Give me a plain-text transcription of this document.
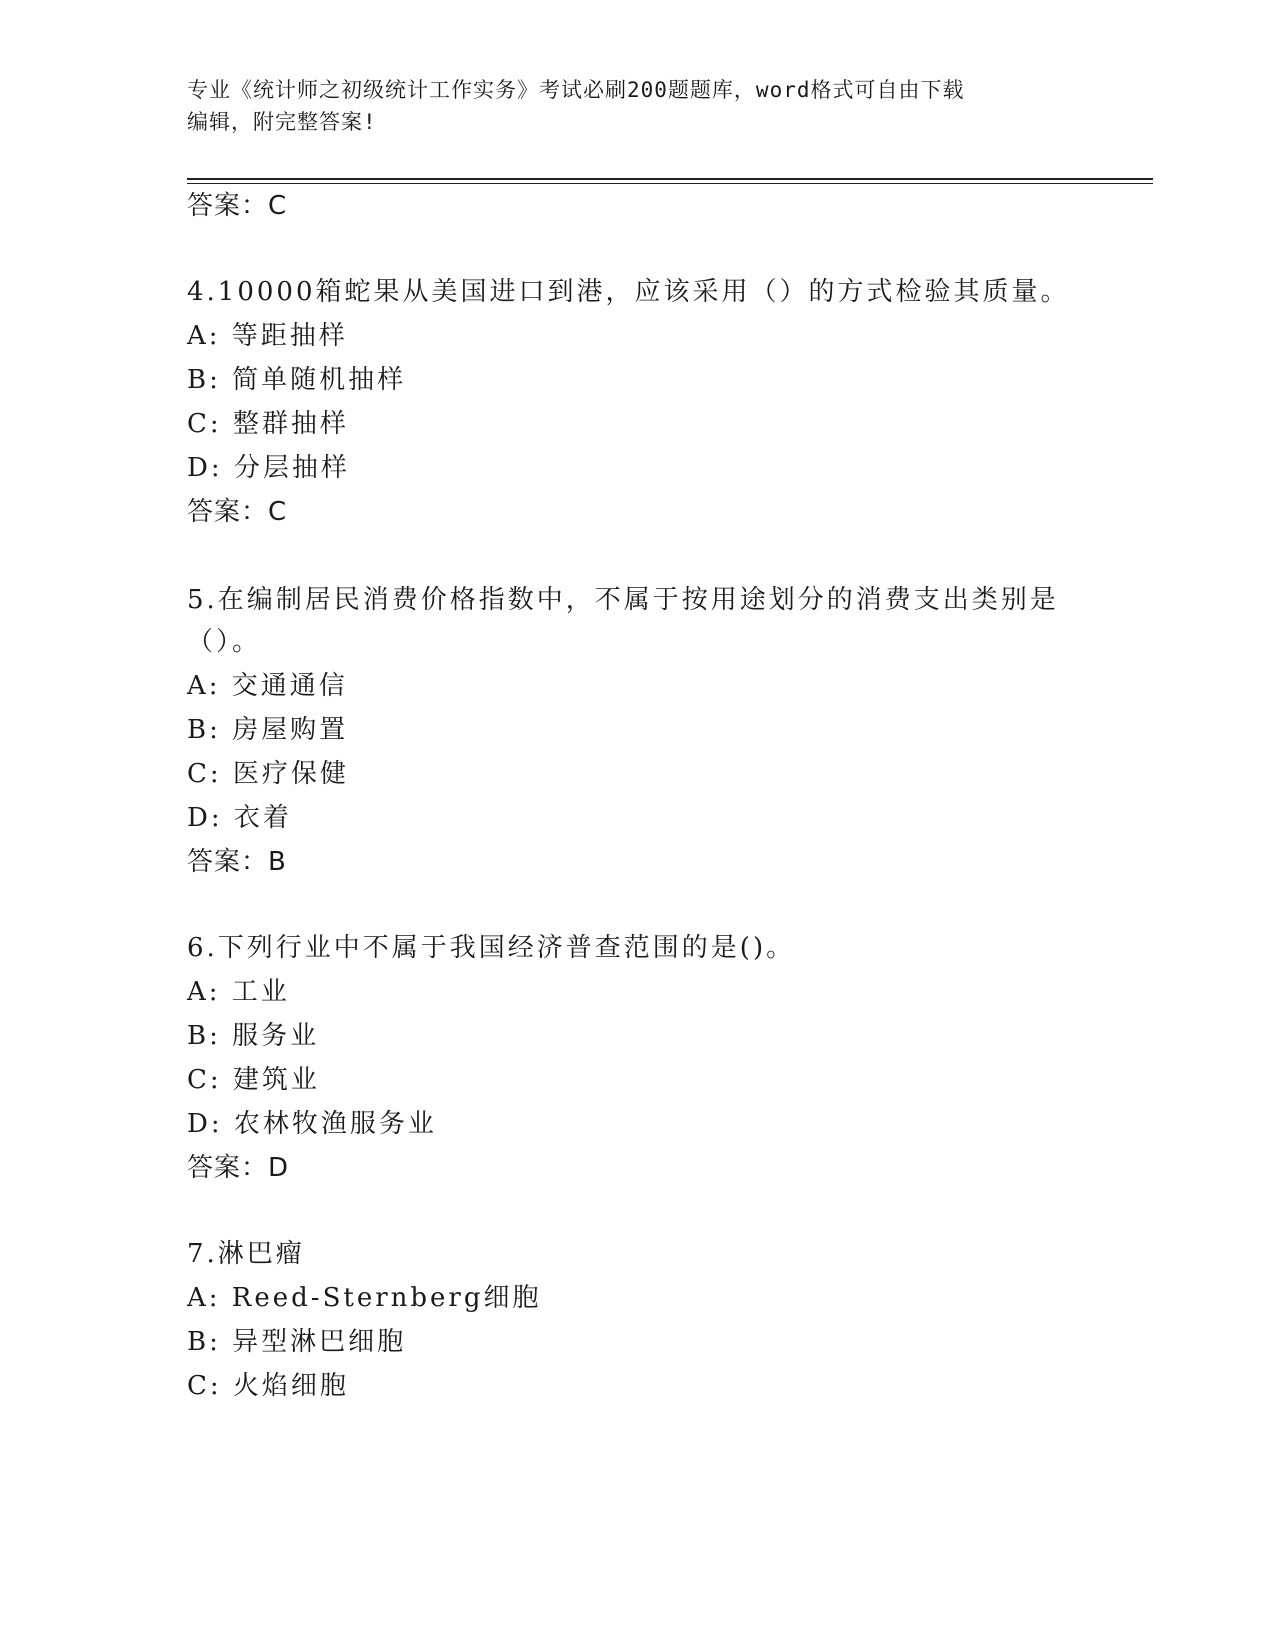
专业《统计师之初级统计工作实务》考试必刷200题题库，word格式可自由下载
编辑，附完整答案!
答案：C
4.10000箱蛇果从美国进口到港，应该采用（）的方式检验其质量。
A: 等距抽样
B: 简单随机抽样
C: 整群抽样
D: 分层抽样
答案：C
5.在编制居民消费价格指数中，不属于按用途划分的消费支出类别是
（）。
A: 交通通信
B: 房屋购置
C: 医疗保健
D: 衣着
答案：B
6.下列行业中不属于我国经济普查范围的是()。
A: 工业
B: 服务业
C: 建筑业
D: 农林牧渔服务业
答案：D
7.淋巴瘤
A: Reed-Sternberg细胞
B: 异型淋巴细胞
C: 火焰细胞
